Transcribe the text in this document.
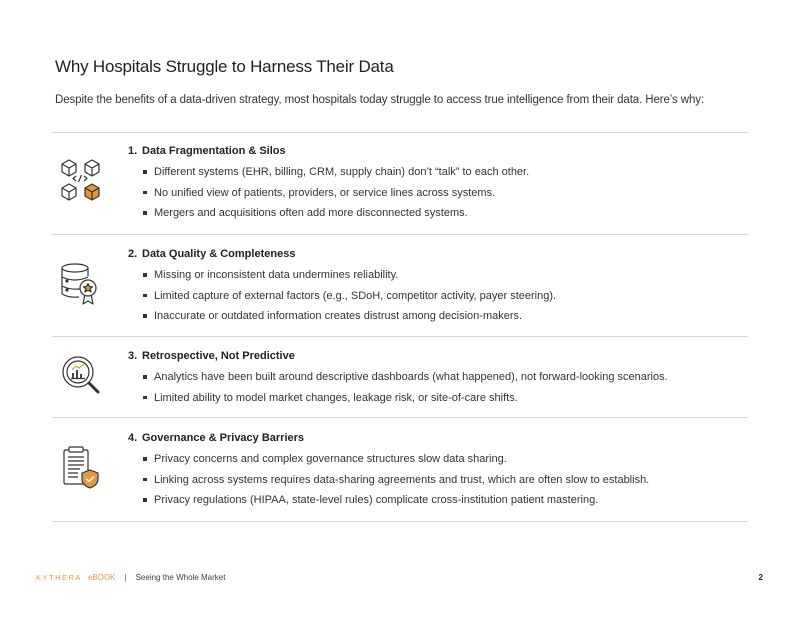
Why Hospitals Struggle to Harness Their Data

Despite the benefits of a data-driven strategy, most hospitals today struggle to access true intelligence from their data. Here’s why:

1. Data Fragmentation & Silos
Different systems (EHR, billing, CRM, supply chain) don’t “talk” to each other.
No unified view of patients, providers, or service lines across systems.
Mergers and acquisitions often add more disconnected systems.
2. Data Quality & Completeness
Missing or inconsistent data undermines reliability.
Limited capture of external factors (e.g., SDoH, competitor activity, payer steering).
Inaccurate or outdated information creates distrust among decision-makers.
3. Retrospective, Not Predictive
Analytics have been built around descriptive dashboards (what happened), not forward-looking scenarios.
Limited ability to model market changes, leakage risk, or site-of-care shifts.
4. Governance & Privacy Barriers
Privacy concerns and complex governance structures slow data sharing.
Linking across systems requires data-sharing agreements and trust, which are often slow to establish.
Privacy regulations (HIPAA, state-level rules) complicate cross-institution patient mastering.
KYTHERA eBOOK | Seeing the Whole Market	2
